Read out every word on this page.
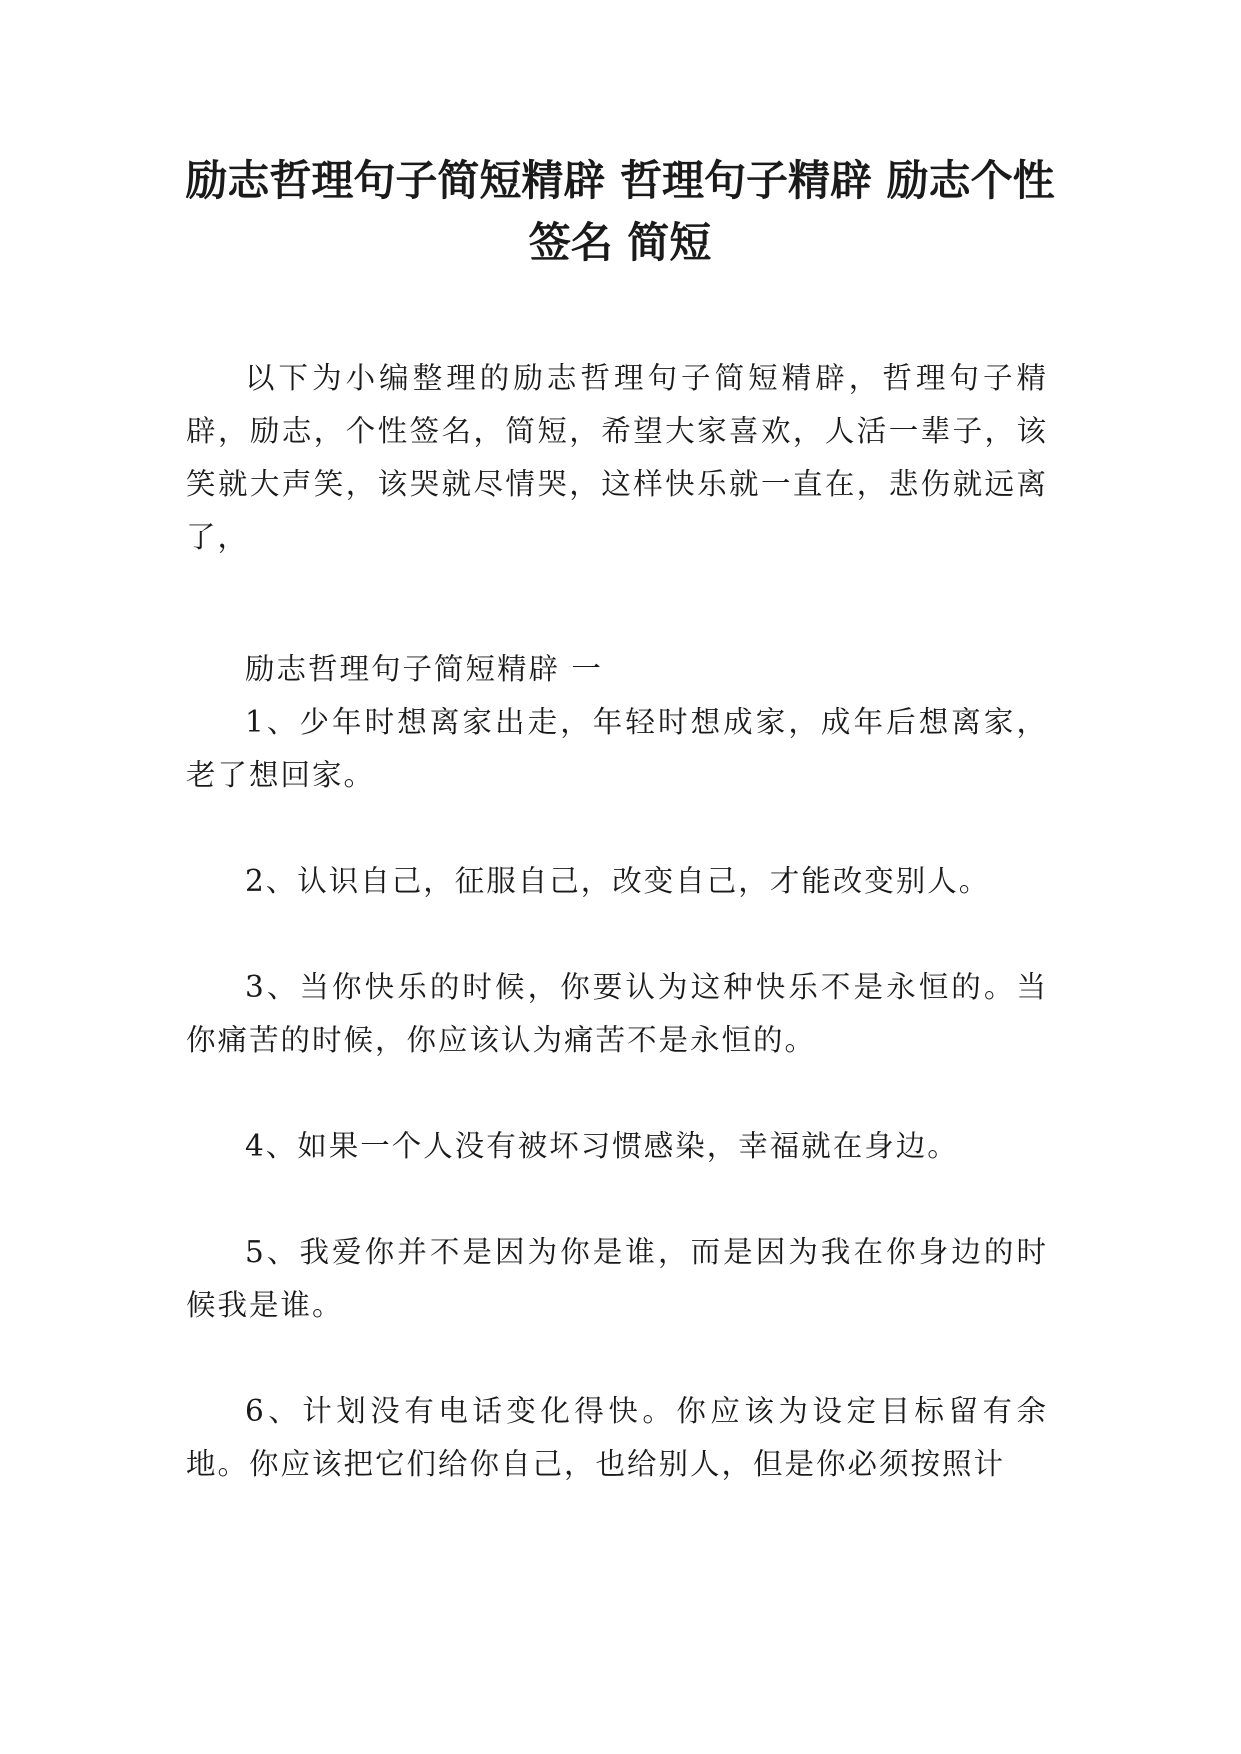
励志哲理句子简短精辟 哲理句子精辟 励志个性签名 简短

以下为小编整理的励志哲理句子简短精辟，哲理句子精辟，励志，个性签名，简短，希望大家喜欢，人活一辈子，该笑就大声笑，该哭就尽情哭，这样快乐就一直在，悲伤就远离了，

励志哲理句子简短精辟 一

1、少年时想离家出走，年轻时想成家，成年后想离家，老了想回家。

2、认识自己，征服自己，改变自己，才能改变别人。

3、当你快乐的时候，你要认为这种快乐不是永恒的。当你痛苦的时候，你应该认为痛苦不是永恒的。

4、如果一个人没有被坏习惯感染，幸福就在身边。

5、我爱你并不是因为你是谁，而是因为我在你身边的时候我是谁。

6、计划没有电话变化得快。你应该为设定目标留有余地。你应该把它们给你自己，也给别人，但是你必须按照计
